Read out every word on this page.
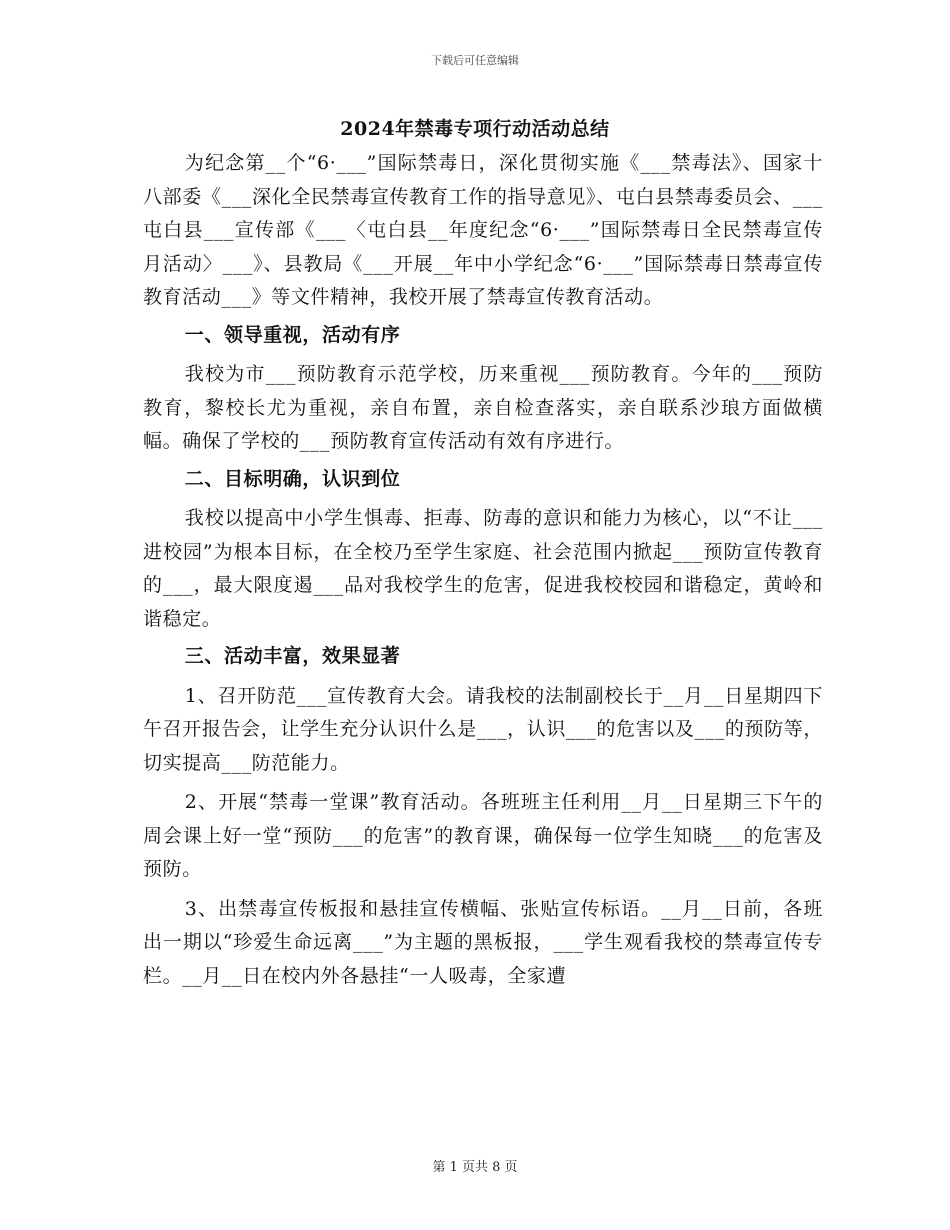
下载后可任意编辑
2024年禁毒专项行动活动总结

为纪念第__个“6·___”国际禁毒日，深化贯彻实施《___禁毒法》、国家十八部委《___深化全民禁毒宣传教育工作的指导意见》、屯白县禁毒委员会、___屯白县___宣传部《___〈屯白县__年度纪念“6·___”国际禁毒日全民禁毒宣传月活动〉___》、县教局《___开展__年中小学纪念“6·___”国际禁毒日禁毒宣传教育活动___》等文件精神，我校开展了禁毒宣传教育活动。

一、领导重视，活动有序

我校为市___预防教育示范学校，历来重视___预防教育。今年的___预防教育，黎校长尤为重视，亲自布置，亲自检查落实，亲自联系沙琅方面做横幅。确保了学校的___预防教育宣传活动有效有序进行。

二、目标明确，认识到位

我校以提高中小学生惧毒、拒毒、防毒的意识和能力为核心，以“不让___进校园”为根本目标，在全校乃至学生家庭、社会范围内掀起___预防宣传教育的___，最大限度遏___品对我校学生的危害，促进我校校园和谐稳定，黄岭和谐稳定。

三、活动丰富，效果显著

1、召开防范___宣传教育大会。请我校的法制副校长于__月__日星期四下午召开报告会，让学生充分认识什么是___，认识___的危害以及___的预防等，切实提高___防范能力。

2、开展“禁毒一堂课”教育活动。各班班主任利用__月__日星期三下午的周会课上好一堂“预防___的危害”的教育课，确保每一位学生知晓___的危害及预防。

3、出禁毒宣传板报和悬挂宣传横幅、张贴宣传标语。__月__日前，各班出一期以“珍爱生命远离___”为主题的黑板报，___学生观看我校的禁毒宣传专栏。__月__日在校内外各悬挂“一人吸毒，全家遭

第 1 页共 8 页
